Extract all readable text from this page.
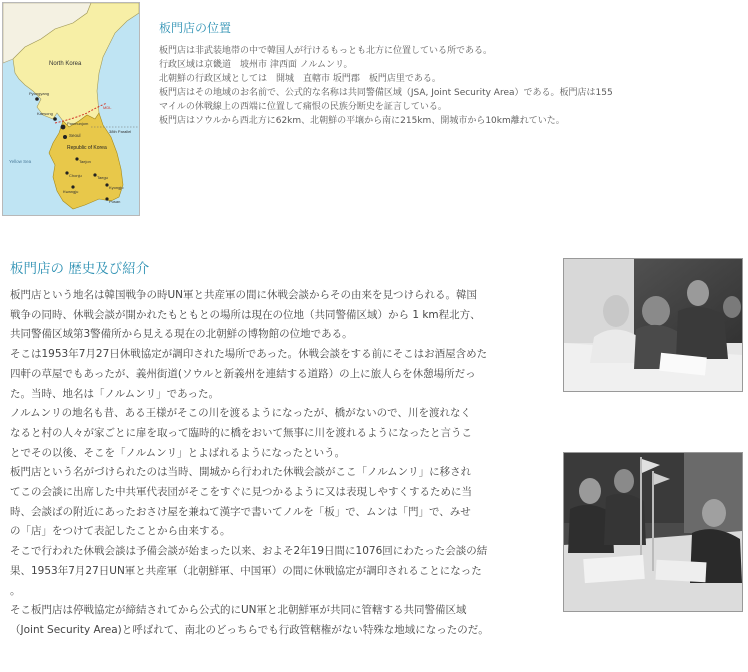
North Korea
Pyongyang
Kaesong
MDL
Panmunjom
Seoul
38th Parallel
Republic of Korea
Yellow Sea	Taejon
Chonju	Taegu
Kwangju
Kyongju
Pusan
板門店の位置

板門店は非武装地帯の中で韓国人が行けるもっとも北方に位置している所である。

行政区域は京畿道　坡州市 津西面 ノルムンリ。

北朝鮮の行政区域としては　開城　直轄市 坂門郡　板門店里である。

板門店はその地域のお名前で、公式的な名称は共同警備区域（JSA, Joint Security Area）である。板門店は155

マイルの休戦線上の西端に位置して痛恨の民族分断史を証言している。

板門店はソウルから西北方に62km、北朝鮮の平壌から南に215km、開城市から10km離れていた。

板門店の 歴史及び紹介

板門店という地名は韓国戦争の時UN軍と共産軍の間に休戦会談からその由来を見つけられる。韓国

戦争の同時、休戦会談が開かれたもともとの場所は現在の位地（共同警備区域）から 1 km程北方、

共同警備区域第3警備所から見える現在の北朝鮮の博物館の位地である。

そこは1953年7月27日休戦協定が調印された場所であった。休戦会談をする前にそこはお酒屋含めた

四軒の草屋でもあったが、義州街道(ソウルと新義州を連結する道路）の上に旅人らを休憩場所だっ

た。当時、地名は「ノルムンリ」であった。

ノルムンリの地名も昔、ある王様がそこの川を渡るようになったが、橋がないので、川を渡れなく

なると村の人々が家ごとに扉を取って臨時的に橋をおいて無事に川を渡れるようになったと言うこ

とでその以後、そこを「ノルムンリ」とよばれるようになったという。

板門店という名がづけられたのは当時、開城から行われた休戦会談がここ「ノルムンリ」に移され

てこの会談に出席した中共軍代表団がそこをすぐに見つかるように又は表現しやすくするために当

時、会談ばの附近にあったおさけ屋を兼ねて漢字で書いてノルを「板」で、ムンは「門」で、みせ

の「店」をつけて表記したことから由来する。

そこで行われた休戦会談は予備会談が始まった以来、およそ2年19日間に1076回にわたった会談の結

果、1953年7月27日UN軍と共産軍（北朝鮮軍、中国軍）の間に休戦協定が調印されることになった

。

そこ板門店は停戦協定が締結されてから公式的にUN軍と北朝鮮軍が共同に管轄する共同警備区域

（Joint Security Area)と呼ばれて、南北のどっちらでも行政管轄権がない特殊な地域になったのだ。
